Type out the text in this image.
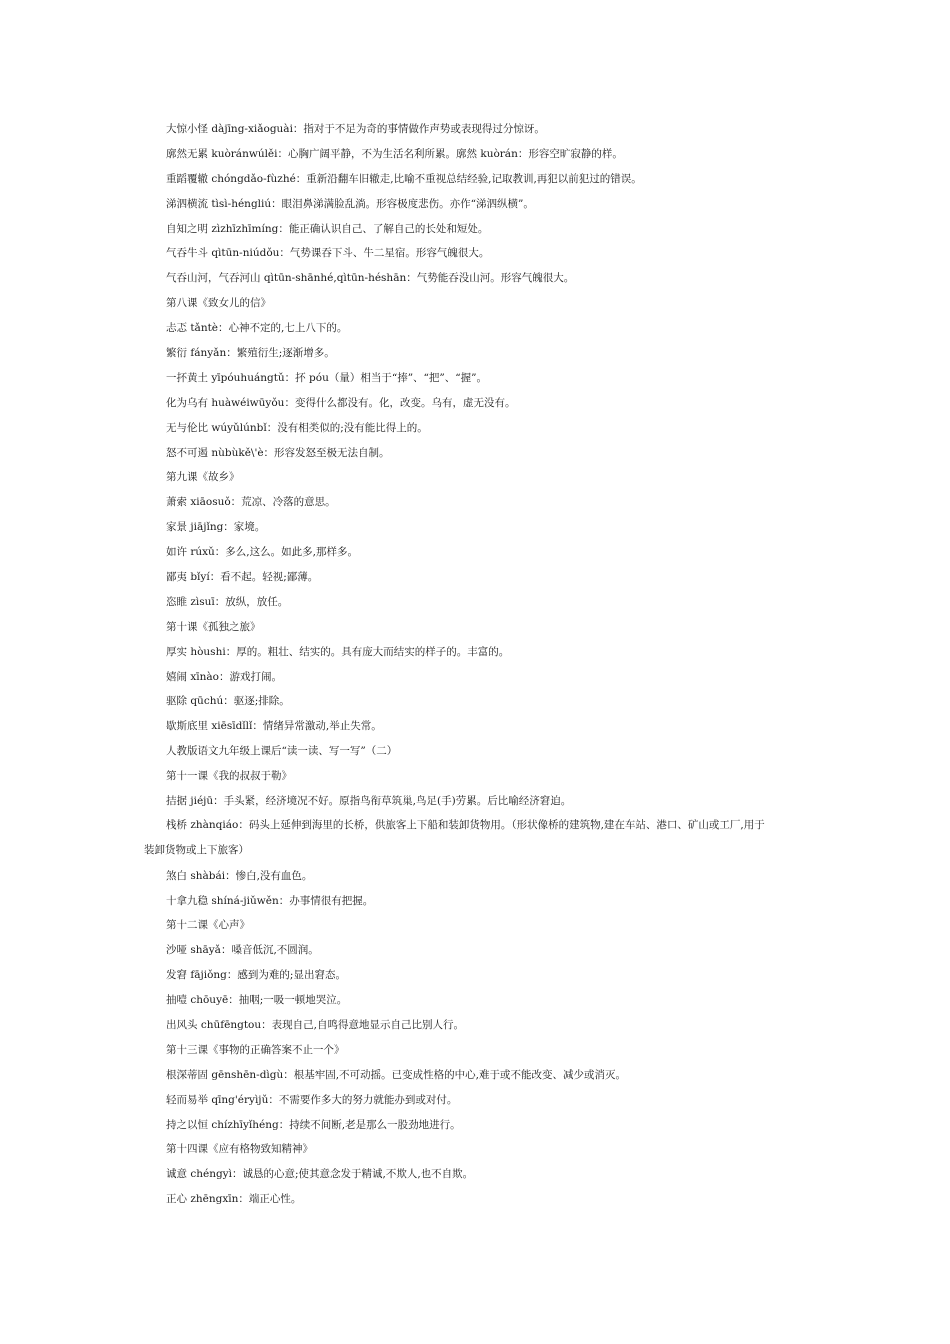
大惊小怪 dàjīng-xiǎoguài：指对于不足为奇的事情做作声势或表现得过分惊讶。

廓然无累 kuòránwúlěi：心胸广阔平静，不为生活名利所累。廓然 kuòrán：形容空旷寂静的样。

重蹈覆辙 chóngdǎo-fùzhé：重新沿翻车旧辙走,比喻不重视总结经验,记取教训,再犯以前犯过的错误。

涕泗横流 tìsì-héngliú：眼泪鼻涕满脸乱淌。形容极度悲伤。亦作“涕泗纵横”。

自知之明 zìzhīzhīmíng：能正确认识自己、了解自己的长处和短处。

气吞牛斗 qìtūn-niúdǒu：气势课吞下斗、牛二星宿。形容气魄很大。

气吞山河，气吞河山 qìtūn-shānhé,qìtūn-héshān：气势能吞没山河。形容气魄很大。

第八课《致女儿的信》

忐忑 tǎntè：心神不定的,七上八下的。

繁衍 fányǎn：繁殖衍生;逐渐增多。

一抔黄土 yīpóuhuángtǔ：抔 póu（量）相当于“捧”、“把”、“握”。

化为乌有 huàwéiwūyǒu：变得什么都没有。化，改变。乌有，虚无没有。

无与伦比 wúyǔlúnbǐ：没有相类似的;没有能比得上的。

怒不可遏 nùbùkě\'è：形容发怒至极无法自制。

第九课《故乡》

萧索 xiāosuǒ：荒凉、冷落的意思。

家景 jiājǐng：家境。

如许 rúxǔ：多么,这么。如此多,那样多。

鄙夷 bǐyí：看不起。轻视;鄙薄。

恣睢 zìsuī：放纵，放任。

第十课《孤独之旅》

厚实 hòushi：厚的。粗壮、结实的。具有庞大而结实的样子的。丰富的。

嬉闹 xīnào：游戏打闹。

驱除 qūchú：驱逐;排除。

歇斯底里 xiēsīdǐlǐ：情绪异常激动,举止失常。

人教版语文九年级上课后“读一读、写一写”（二）

第十一课《我的叔叔于勒》

拮据 jiéjū：手头紧，经济境况不好。原指鸟衔草筑巢,鸟足(手)劳累。后比喻经济窘迫。

栈桥 zhànqiáo：码头上延伸到海里的长桥，供旅客上下船和装卸货物用。（形状像桥的建筑物,建在车站、港口、矿山或工厂,用于
装卸货物或上下旅客）

煞白 shàbái：惨白,没有血色。

十拿九稳 shíná-jiǔwěn：办事情很有把握。

第十二课《心声》

沙哑 shāyǎ：嗓音低沉,不圆润。

发窘 fājiǒng：感到为难的;显出窘态。

抽噎 chōuyē：抽咽;一吸一顿地哭泣。

出风头 chūfēngtou：表现自己,自鸣得意地显示自己比别人行。

第十三课《事物的正确答案不止一个》

根深蒂固 gēnshēn-dìgù：根基牢固,不可动摇。已变成性格的中心,难于或不能改变、减少或消灭。

轻而易举 qīng'éryìjǔ：不需要作多大的努力就能办到或对付。

持之以恒 chízhīyǐhéng：持续不间断,老是那么一股劲地进行。

第十四课《应有格物致知精神》

诚意 chéngyì：诚恳的心意;使其意念发于精诚,不欺人,也不自欺。

正心 zhēngxīn：端正心性。
